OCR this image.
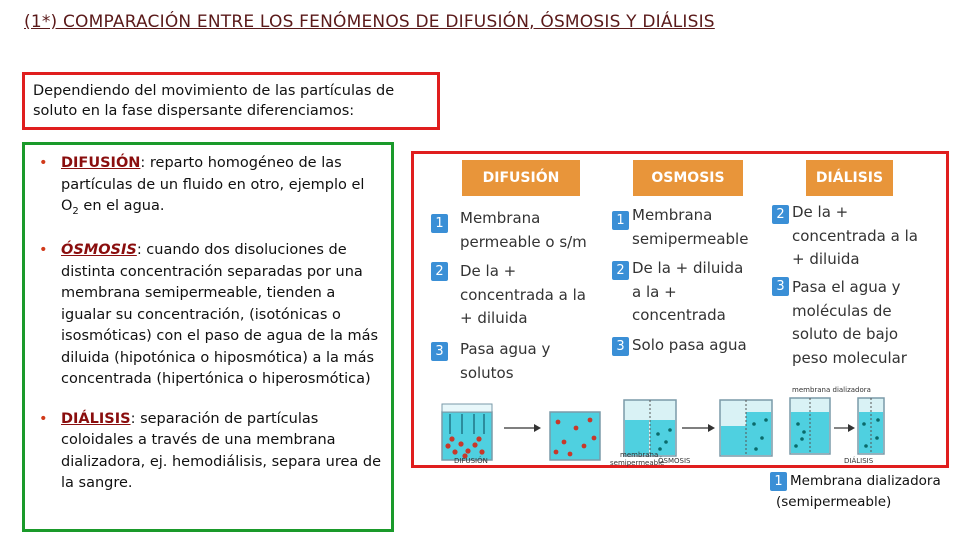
(1*) COMPARACIÓN ENTRE LOS FENÓMENOS DE DIFUSIÓN, ÓSMOSIS Y DIÁLISIS
Dependiendo del movimiento de las partículas de
soluto en la fase dispersante diferenciamos:
• DIFUSIÓN: reparto homogéneo de las partículas de un fluido en otro, ejemplo el $O_2$ en el agua.
• ÓSMOSIS: cuando dos disoluciones de distinta concentración separadas por una membrana semipermeable, tienden a igualar su concentración, (isotónicas o isosmóticas) con el paso de agua de la más diluida (hipotónica o hiposmótica) a la más concentrada (hipertónica o hiperosmótica)
• DIÁLISIS: separación de partículas coloidales a través de una membrana dializadora, ej. hemodiálisis, separa urea de la sangre.
DIFUSIÓN	OSMOSIS	DIÁLISIS
1 Membrana
permeable o s/m
2 De la +
concentrada a la
+ diluida
3 Pasa agua y
solutos
1 Membrana
semipermeable
2 De la + diluida
a la +
concentrada
3 Solo pasa agua
2 De la +
concentrada a la
+ diluida
3 Pasa el agua y
moléculas de
soluto de bajo
peso molecular
DIFUSIÓN
membrana
semipermeable
ÓSMOSIS
membrana dializadora
DIÁLISIS
1 Membrana dializadora
(semipermeable)
